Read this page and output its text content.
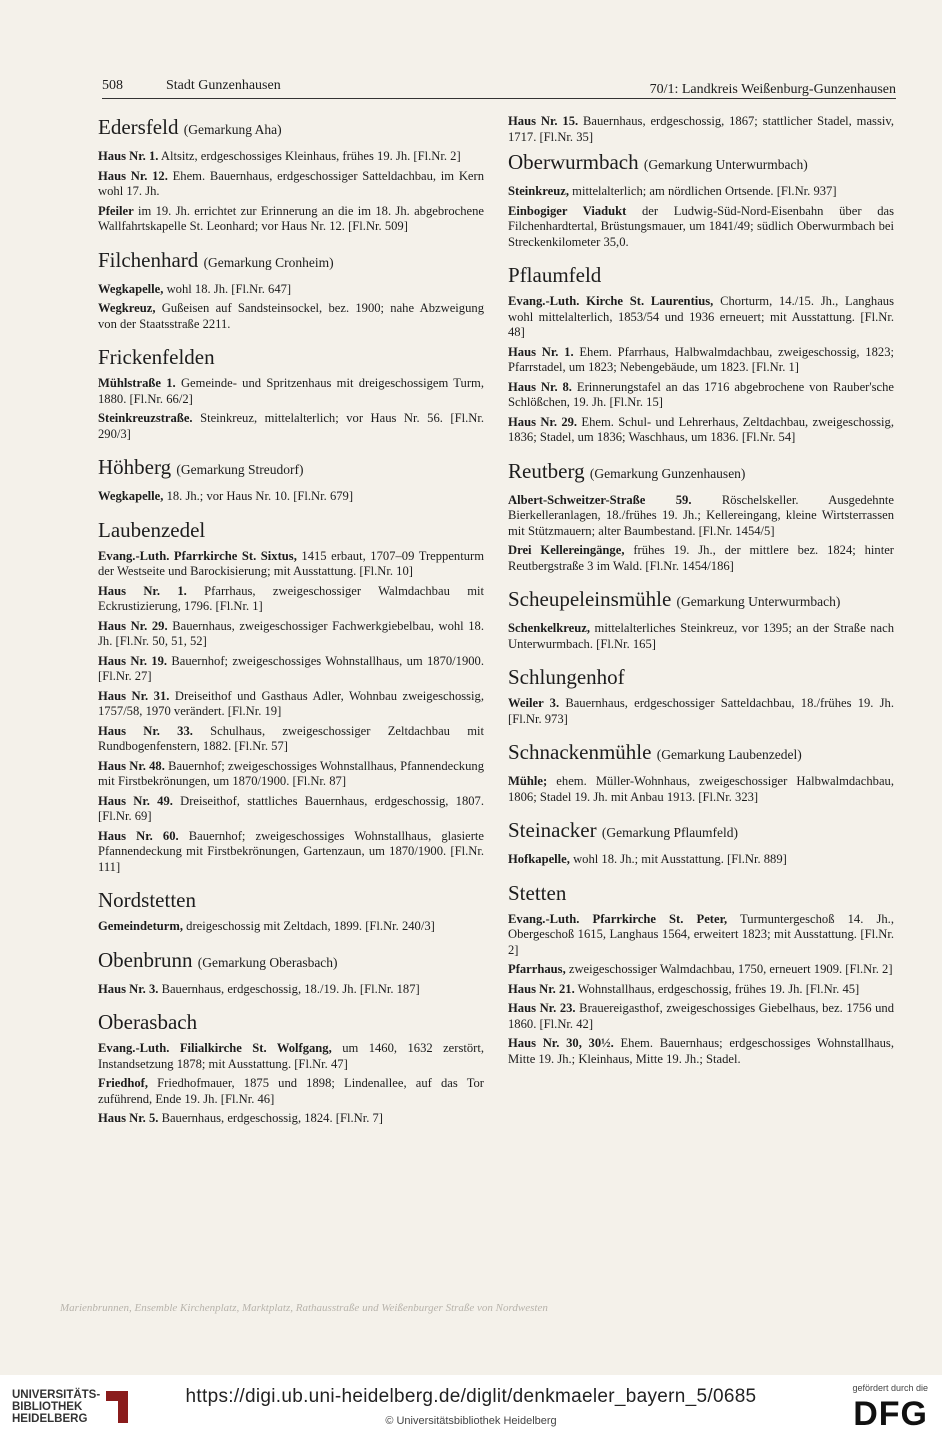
508	Stadt Gunzenhausen	70/1: Landkreis Weißenburg-Gunzenhausen
Edersfeld (Gemarkung Aha)

Haus Nr. 1. Altsitz, erdgeschossiges Kleinhaus, frühes 19. Jh. [Fl.Nr. 2]

Haus Nr. 12. Ehem. Bauernhaus, erdgeschossiger Satteldachbau, im Kern wohl 17. Jh.

Pfeiler im 19. Jh. errichtet zur Erinnerung an die im 18. Jh. abgebrochene Wallfahrtskapelle St. Leonhard; vor Haus Nr. 12. [Fl.Nr. 509]

Filchenhard (Gemarkung Cronheim)

Wegkapelle, wohl 18. Jh. [Fl.Nr. 647]

Wegkreuz, Gußeisen auf Sandsteinsockel, bez. 1900; nahe Abzweigung von der Staatsstraße 2211.

Frickenfelden

Mühlstraße 1. Gemeinde- und Spritzenhaus mit dreigeschossigem Turm, 1880. [Fl.Nr. 66/2]

Steinkreuzstraße. Steinkreuz, mittelalterlich; vor Haus Nr. 56. [Fl.Nr. 290/3]

Höhberg (Gemarkung Streudorf)

Wegkapelle, 18. Jh.; vor Haus Nr. 10. [Fl.Nr. 679]

Laubenzedel

Evang.-Luth. Pfarrkirche St. Sixtus, 1415 erbaut, 1707–09 Treppenturm der Westseite und Barockisierung; mit Ausstattung. [Fl.Nr. 10]

Haus Nr. 1. Pfarrhaus, zweigeschossiger Walmdachbau mit Eckrustizierung, 1796. [Fl.Nr. 1]

Haus Nr. 29. Bauernhaus, zweigeschossiger Fachwerkgiebelbau, wohl 18. Jh. [Fl.Nr. 50, 51, 52]

Haus Nr. 19. Bauernhof; zweigeschossiges Wohnstallhaus, um 1870/1900. [Fl.Nr. 27]

Haus Nr. 31. Dreiseithof und Gasthaus Adler, Wohnbau zweigeschossig, 1757/58, 1970 verändert. [Fl.Nr. 19]

Haus Nr. 33. Schulhaus, zweigeschossiger Zeltdachbau mit Rundbogenfenstern, 1882. [Fl.Nr. 57]

Haus Nr. 48. Bauernhof; zweigeschossiges Wohnstallhaus, Pfannendeckung mit Firstbekrönungen, um 1870/1900. [Fl.Nr. 87]

Haus Nr. 49. Dreiseithof, stattliches Bauernhaus, erdgeschossig, 1807. [Fl.Nr. 69]

Haus Nr. 60. Bauernhof; zweigeschossiges Wohnstallhaus, glasierte Pfannendeckung mit Firstbekrönungen, Gartenzaun, um 1870/1900. [Fl.Nr. 111]

Nordstetten

Gemeindeturm, dreigeschossig mit Zeltdach, 1899. [Fl.Nr. 240/3]

Obenbrunn (Gemarkung Oberasbach)

Haus Nr. 3. Bauernhaus, erdgeschossig, 18./19. Jh. [Fl.Nr. 187]

Oberasbach

Evang.-Luth. Filialkirche St. Wolfgang, um 1460, 1632 zerstört, Instandsetzung 1878; mit Ausstattung. [Fl.Nr. 47]

Friedhof, Friedhofmauer, 1875 und 1898; Lindenallee, auf das Tor zuführend, Ende 19. Jh. [Fl.Nr. 46]

Haus Nr. 5. Bauernhaus, erdgeschossig, 1824. [Fl.Nr. 7]

Haus Nr. 15. Bauernhaus, erdgeschossig, 1867; stattlicher Stadel, massiv, 1717. [Fl.Nr. 35]

Oberwurmbach (Gemarkung Unterwurmbach)

Steinkreuz, mittelalterlich; am nördlichen Ortsende. [Fl.Nr. 937]

Einbogiger Viadukt der Ludwig-Süd-Nord-Eisenbahn über das Filchenhardtertal, Brüstungsmauer, um 1841/49; südlich Oberwurmbach bei Streckenkilometer 35,0.

Pflaumfeld

Evang.-Luth. Kirche St. Laurentius, Chorturm, 14./15. Jh., Langhaus wohl mittelalterlich, 1853/54 und 1936 erneuert; mit Ausstattung. [Fl.Nr. 48]

Haus Nr. 1. Ehem. Pfarrhaus, Halbwalmdachbau, zweigeschossig, 1823; Pfarrstadel, um 1823; Nebengebäude, um 1823. [Fl.Nr. 1]

Haus Nr. 8. Erinnerungstafel an das 1716 abgebrochene von Rauber'sche Schlößchen, 19. Jh. [Fl.Nr. 15]

Haus Nr. 29. Ehem. Schul- und Lehrerhaus, Zeltdachbau, zweigeschossig, 1836; Stadel, um 1836; Waschhaus, um 1836. [Fl.Nr. 54]

Reutberg (Gemarkung Gunzenhausen)

Albert-Schweitzer-Straße 59. Röschelskeller. Ausgedehnte Bierkelleranlagen, 18./frühes 19. Jh.; Kellereingang, kleine Wirtsterrassen mit Stützmauern; alter Baumbestand. [Fl.Nr. 1454/5]

Drei Kellereingänge, frühes 19. Jh., der mittlere bez. 1824; hinter Reutbergstraße 3 im Wald. [Fl.Nr. 1454/186]

Scheupeleinsmühle (Gemarkung Unterwurmbach)

Schenkelkreuz, mittelalterliches Steinkreuz, vor 1395; an der Straße nach Unterwurmbach. [Fl.Nr. 165]

Schlungenhof

Weiler 3. Bauernhaus, erdgeschossiger Satteldachbau, 18./frühes 19. Jh. [Fl.Nr. 973]

Schnackenmühle (Gemarkung Laubenzedel)

Mühle; ehem. Müller-Wohnhaus, zweigeschossiger Halbwalmdachbau, 1806; Stadel 19. Jh. mit Anbau 1913. [Fl.Nr. 323]

Steinacker (Gemarkung Pflaumfeld)

Hofkapelle, wohl 18. Jh.; mit Ausstattung. [Fl.Nr. 889]

Stetten

Evang.-Luth. Pfarrkirche St. Peter, Turmuntergeschoß 14. Jh., Obergeschoß 1615, Langhaus 1564, erweitert 1823; mit Ausstattung. [Fl.Nr. 2]

Pfarrhaus, zweigeschossiger Walmdachbau, 1750, erneuert 1909. [Fl.Nr. 2]

Haus Nr. 21. Wohnstallhaus, erdgeschossig, frühes 19. Jh. [Fl.Nr. 45]

Haus Nr. 23. Brauereigasthof, zweigeschossiges Giebelhaus, bez. 1756 und 1860. [Fl.Nr. 42]

Haus Nr. 30, 30½. Ehem. Bauernhaus; erdgeschossiges Wohnstallhaus, Mitte 19. Jh.; Kleinhaus, Mitte 19. Jh.; Stadel.

Marienbrunnen, Ensemble Kirchenplatz, Marktplatz, Rathausstraße und Weißenburger Straße von Nordwesten
UNIVERSITÄTS-
BIBLIOTHEK
HEIDELBERG
https://digi.ub.uni-heidelberg.de/diglit/denkmaeler_bayern_5/0685
© Universitätsbibliothek Heidelberg
gefördert durch die
DFG
